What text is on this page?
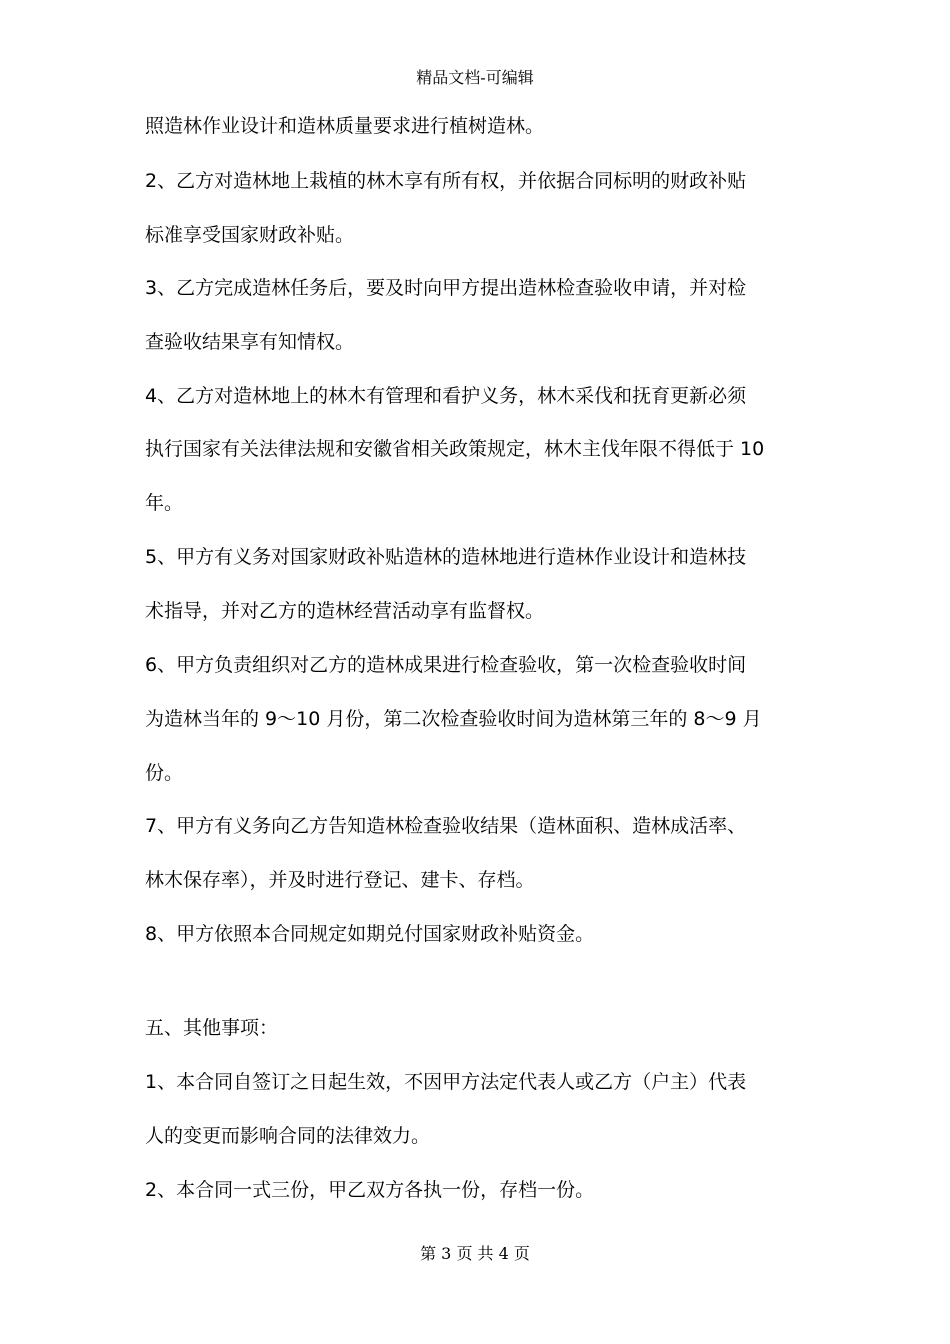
精品文档-可编辑

照造林作业设计和造林质量要求进行植树造林。

2、乙方对造林地上栽植的林木享有所有权，并依据合同标明的财政补贴

标准享受国家财政补贴。

3、乙方完成造林任务后，要及时向甲方提出造林检查验收申请，并对检

查验收结果享有知情权。

4、乙方对造林地上的林木有管理和看护义务，林木采伐和抚育更新必须

执行国家有关法律法规和安徽省相关政策规定，林木主伐年限不得低于 10

年。

5、甲方有义务对国家财政补贴造林的造林地进行造林作业设计和造林技

术指导，并对乙方的造林经营活动享有监督权。

6、甲方负责组织对乙方的造林成果进行检查验收，第一次检查验收时间

为造林当年的 9～10 月份，第二次检查验收时间为造林第三年的 8～9 月

份。

7、甲方有义务向乙方告知造林检查验收结果（造林面积、造林成活率、

林木保存率），并及时进行登记、建卡、存档。

8、甲方依照本合同规定如期兑付国家财政补贴资金。

五、其他事项：

1、本合同自签订之日起生效，不因甲方法定代表人或乙方（户主）代表

人的变更而影响合同的法律效力。

2、本合同一式三份，甲乙双方各执一份，存档一份。

第 3 页 共 4 页
